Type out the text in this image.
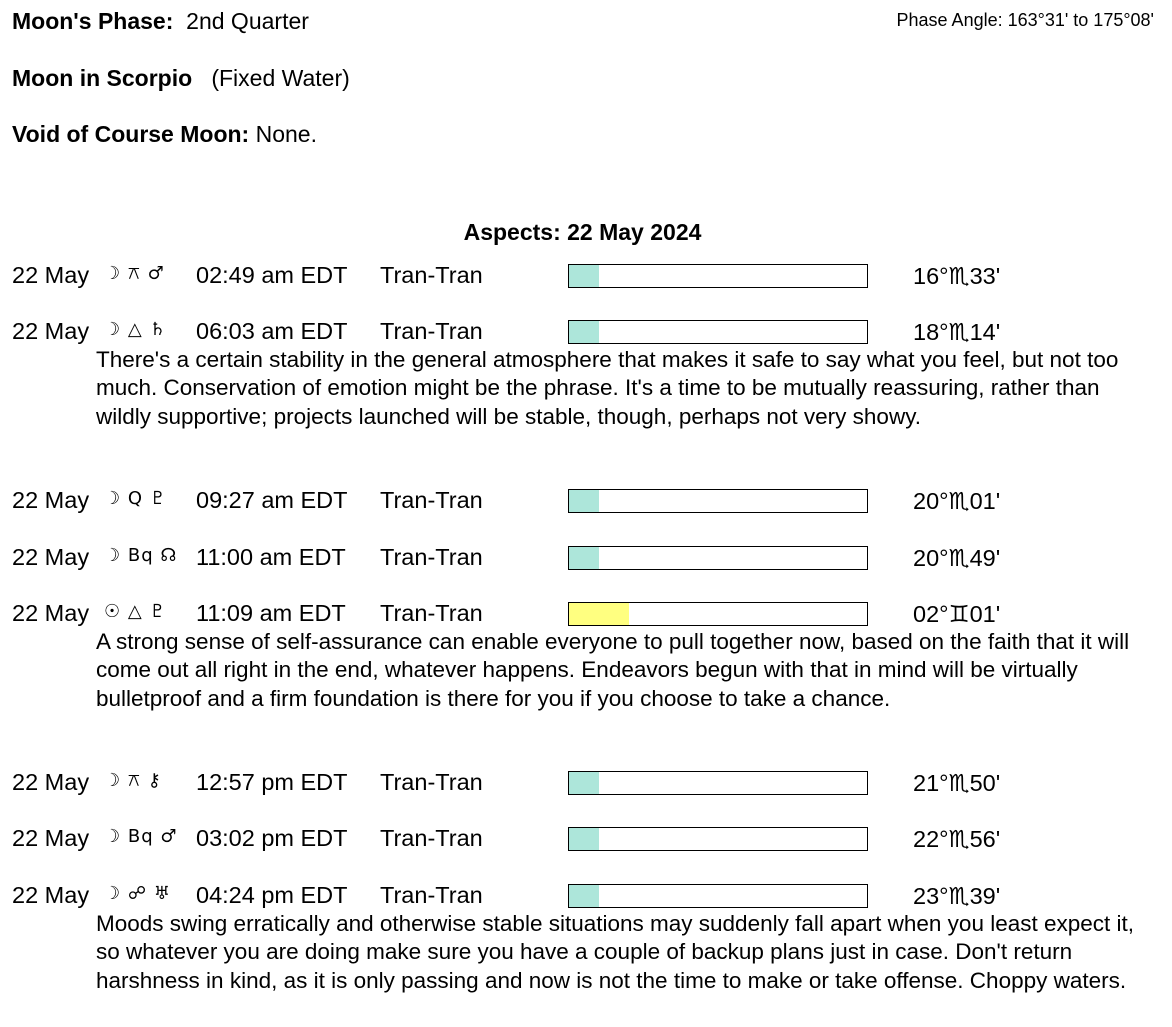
Moon's Phase: 2nd Quarter	Phase Angle: 163°31' to 175°08'
Moon in Scorpio (Fixed Water)
Void of Course Moon: None.
Aspects: 22 May 2024
22 May ☽ ⚻ ♂ 02:49 am EDT Tran-Tran	16°♏︎33'
22 May ☽ △ ♄ 06:03 am EDT Tran-Tran	18°♏︎14'
There's a certain stability in the general atmosphere that makes it safe to say what you feel, but not too much. Conservation of emotion might be the phrase. It's a time to be mutually reassuring, rather than wildly supportive; projects launched will be stable, though, perhaps not very showy.
22 May ☽ Q ♇ 09:27 am EDT Tran-Tran	20°♏︎01'
22 May ☽ Bq ☊ 11:00 am EDT Tran-Tran	20°♏︎49'
22 May ☉ △ ♇ 11:09 am EDT Tran-Tran	02°♊︎01'
A strong sense of self-assurance can enable everyone to pull together now, based on the faith that it will come out all right in the end, whatever happens. Endeavors begun with that in mind will be virtually bulletproof and a firm foundation is there for you if you choose to take a chance.
22 May ☽ ⚻ ⚷ 12:57 pm EDT Tran-Tran	21°♏︎50'
22 May ☽ Bq ♂ 03:02 pm EDT Tran-Tran	22°♏︎56'
22 May ☽ ☍ ♅ 04:24 pm EDT Tran-Tran	23°♏︎39'
Moods swing erratically and otherwise stable situations may suddenly fall apart when you least expect it, so whatever you are doing make sure you have a couple of backup plans just in case. Don't return harshness in kind, as it is only passing and now is not the time to make or take offense. Choppy waters.
